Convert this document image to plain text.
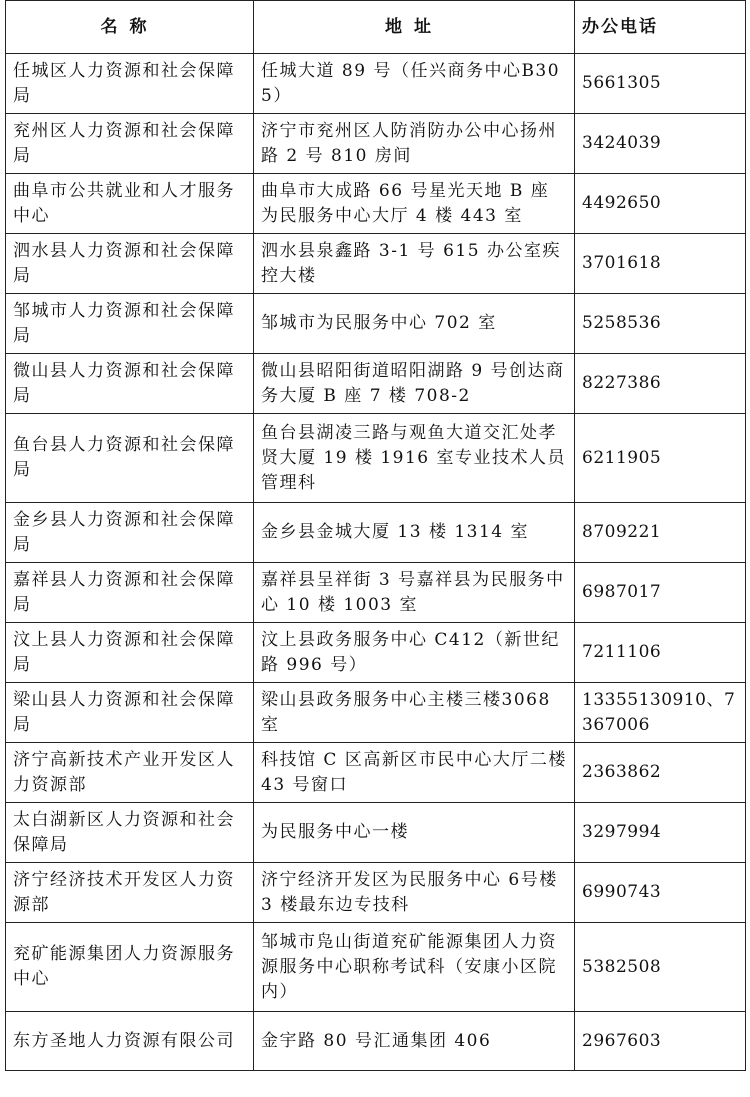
名称	地址	办公电话
任城区人力资源和社会保障局	任城大道 89 号（任兴商务中心B305）	5661305
兖州区人力资源和社会保障局	济宁市兖州区人防消防办公中心扬州路 2 号 810 房间	3424039
曲阜市公共就业和人才服务中心	曲阜市大成路 66 号星光天地 B 座为民服务中心大厅 4 楼 443 室	4492650
泗水县人力资源和社会保障局	泗水县泉鑫路 3-1 号 615 办公室疾控大楼	3701618
邹城市人力资源和社会保障局	邹城市为民服务中心 702 室	5258536
微山县人力资源和社会保障局	微山县昭阳街道昭阳湖路 9 号创达商务大厦 B 座 7 楼 708-2	8227386
鱼台县人力资源和社会保障局	鱼台县湖凌三路与观鱼大道交汇处孝贤大厦 19 楼 1916 室专业技术人员管理科	6211905
金乡县人力资源和社会保障局	金乡县金城大厦 13 楼 1314 室	8709221
嘉祥县人力资源和社会保障局	嘉祥县呈祥街 3 号嘉祥县为民服务中心 10 楼 1003 室	6987017
汶上县人力资源和社会保障局	汶上县政务服务中心 C412（新世纪路 996 号）	7211106
梁山县人力资源和社会保障局	梁山县政务服务中心主楼三楼3068 室	13355130910、7367006
济宁高新技术产业开发区人力资源部	科技馆 C 区高新区市民中心大厅二楼 43 号窗口	2363862
太白湖新区人力资源和社会保障局	为民服务中心一楼	3297994
济宁经济技术开发区人力资源部	济宁经济开发区为民服务中心 6号楼 3 楼最东边专技科	6990743
兖矿能源集团人力资源服务中心	邹城市凫山街道兖矿能源集团人力资源服务中心职称考试科（安康小区院内）	5382508
东方圣地人力资源有限公司	金宇路 80 号汇通集团 406	2967603
